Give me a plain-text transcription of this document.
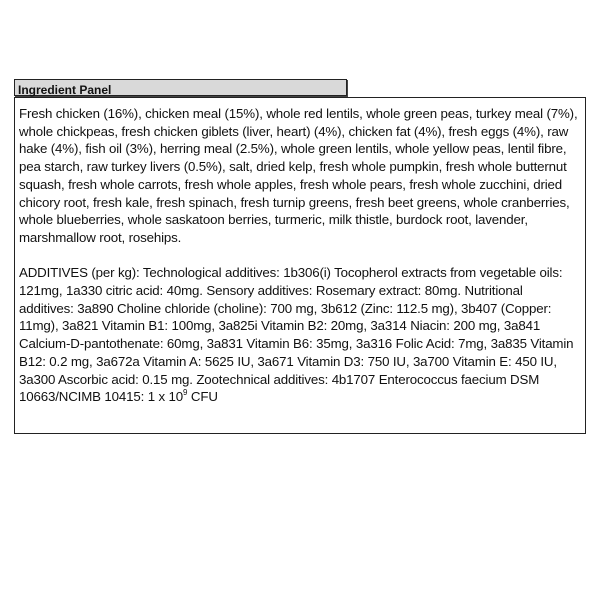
Ingredient Panel

Fresh chicken (16%), chicken meal (15%), whole red lentils, whole green peas, turkey meal (7%), whole chickpeas, fresh chicken giblets (liver, heart) (4%), chicken fat (4%), fresh eggs (4%), raw hake (4%), fish oil (3%), herring meal (2.5%), whole green lentils, whole yellow peas, lentil fibre, pea starch, raw turkey livers (0.5%), salt, dried kelp, fresh whole pumpkin, fresh whole butternut squash, fresh whole carrots, fresh whole apples, fresh whole pears, fresh whole zucchini, dried chicory root, fresh kale, fresh spinach, fresh turnip greens, fresh beet greens, whole cranberries, whole blueberries, whole saskatoon berries, turmeric, milk thistle, burdock root, lavender, marshmallow root, rosehips.

ADDITIVES (per kg): Technological additives: 1b306(i) Tocopherol extracts from vegetable oils: 121mg, 1a330 citric acid: 40mg. Sensory additives: Rosemary extract: 80mg. Nutritional additives: 3a890 Choline chloride (choline): 700 mg, 3b612 (Zinc: 112.5 mg), 3b407 (Copper: 11mg), 3a821 Vitamin B1: 100mg, 3a825i Vitamin B2: 20mg, 3a314 Niacin: 200 mg, 3a841 Calcium-D-pantothenate: 60mg, 3a831 Vitamin B6: 35mg, 3a316 Folic Acid: 7mg, 3a835 Vitamin B12: 0.2 mg, 3a672a Vitamin A: 5625 IU, 3a671 Vitamin D3: 750 IU, 3a700 Vitamin E: 450 IU, 3a300 Ascorbic acid: 0.15 mg. Zootechnical additives: 4b1707 Enterococcus faecium DSM 10663/NCIMB 10415: 1 x $10^9$ CFU
